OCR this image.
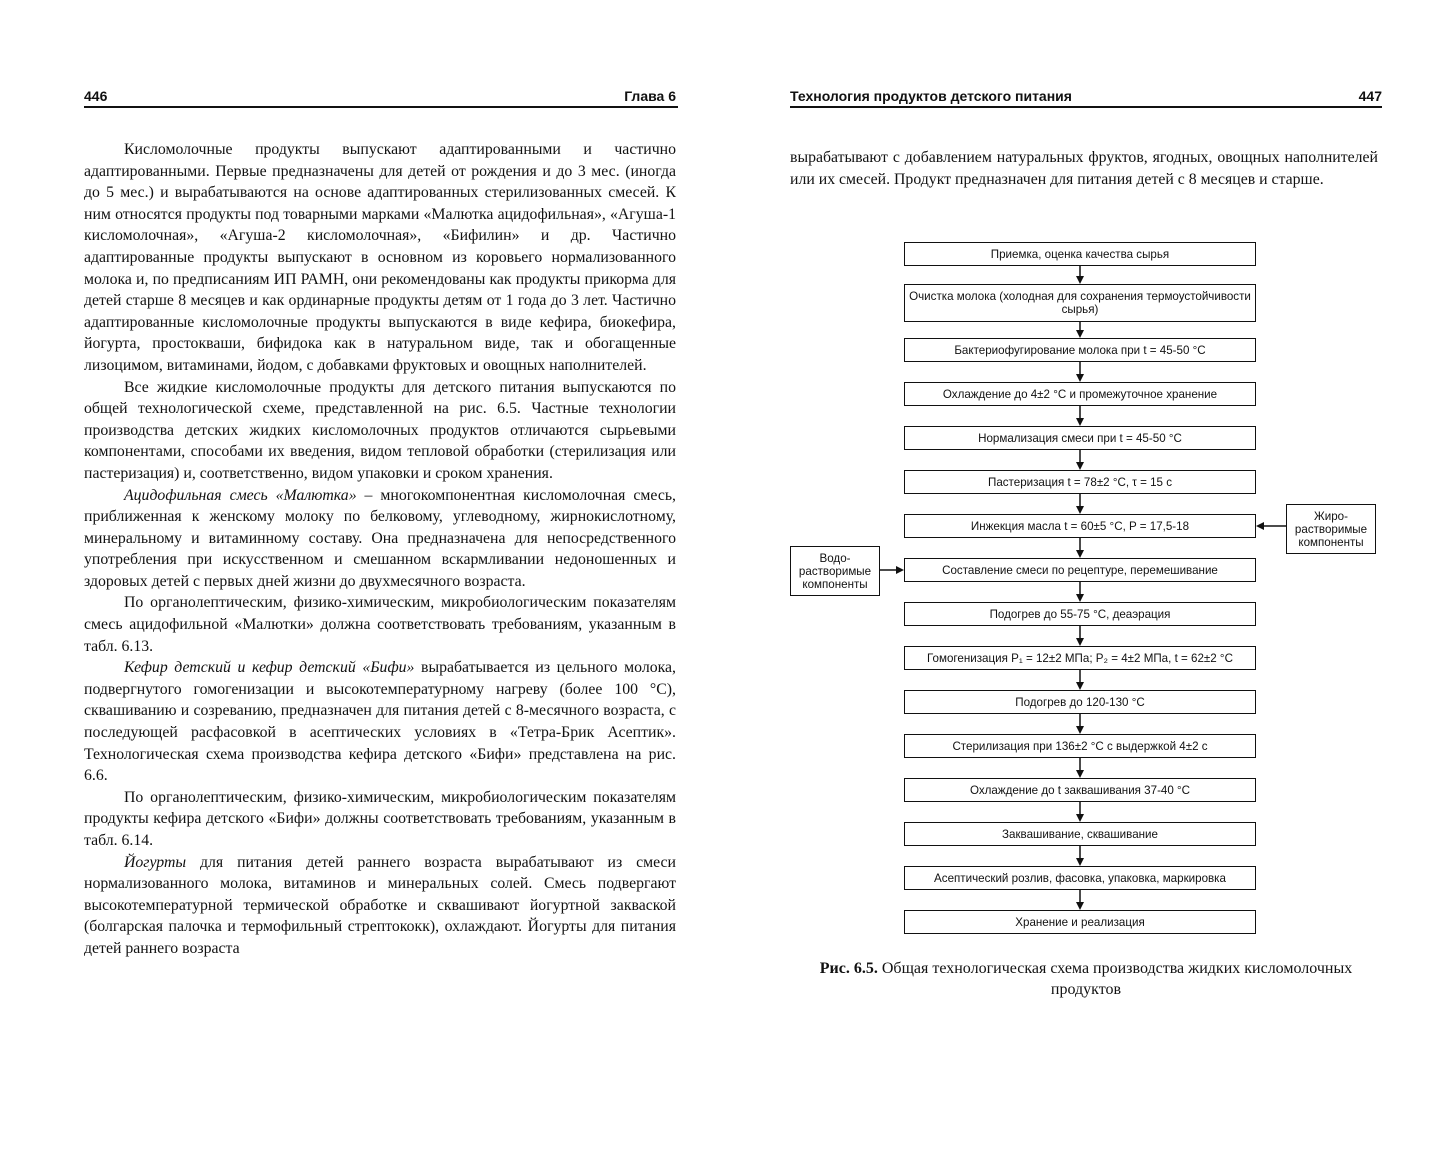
446	Глава 6

Кисломолочные продукты выпускают адаптированными и частично адаптированными. Первые предназначены для детей от рождения и до 3 мес. (иногда до 5 мес.) и вырабатываются на основе адаптированных стерилизованных смесей. К ним относятся продукты под товарными марками «Малютка ацидофильная», «Агуша-1 кисломолочная», «Агуша-2 кисломолочная», «Бифилин» и др. Частично адаптированные продукты выпускают в основном из коровьего нормализованного молока и, по предписаниям ИП РАМН, они рекомендованы как продукты прикорма для детей старше 8 месяцев и как ординарные продукты детям от 1 года до 3 лет. Частично адаптированные кисломолочные продукты выпускаются в виде кефира, биокефира, йогурта, простокваши, бифидока как в натуральном виде, так и обогащенные лизоцимом, витаминами, йодом, с добавками фруктовых и овощных наполнителей.

Все жидкие кисломолочные продукты для детского питания выпускаются по общей технологической схеме, представленной на рис. 6.5. Частные технологии производства детских жидких кисломолочных продуктов отличаются сырьевыми компонентами, способами их введения, видом тепловой обработки (стерилизация или пастеризация) и, соответственно, видом упаковки и сроком хранения.

Ацидофильная смесь «Малютка» – многокомпонентная кисломолочная смесь, приближенная к женскому молоку по белковому, углеводному, жирнокислотному, минеральному и витаминному составу. Она предназначена для непосредственного употребления при искусственном и смешанном вскармливании недоношенных и здоровых детей с первых дней жизни до двухмесячного возраста.

По органолептическим, физико-химическим, микробиологическим показателям смесь ацидофильной «Малютки» должна соответствовать требованиям, указанным в табл. 6.13.

Кефир детский и кефир детский «Бифи» вырабатывается из цельного молока, подвергнутого гомогенизации и высокотемпературному нагреву (более 100 °С), сквашиванию и созреванию, предназначен для питания детей с 8-месячного возраста, с последующей расфасовкой в асептических условиях в «Тетра-Брик Асептик». Технологическая схема производства кефира детского «Бифи» представлена на рис. 6.6.

По органолептическим, физико-химическим, микробиологическим показателям продукты кефира детского «Бифи» должны соответствовать требованиям, указанным в табл. 6.14.

Йогурты для питания детей раннего возраста вырабатывают из смеси нормализованного молока, витаминов и минеральных солей. Смесь подвергают высокотемпературной термической обработке и сквашивают йогуртной закваской (болгарская палочка и термофильный стрептококк), охлаждают. Йогурты для питания детей раннего возраста

Технология продуктов детского питания	447

вырабатывают с добавлением натуральных фруктов, ягодных, овощных наполнителей или их смесей. Продукт предназначен для питания детей с 8 месяцев и старше.

Приемка, оценка качества сырья
Очистка молока (холодная для сохранения термоустойчивости сырья)
Бактериофугирование молока при t = 45-50 °С
Охлаждение до 4±2 °С и промежуточное хранение
Нормализация смеси при t = 45-50 °С
Пастеризация t = 78±2 °С, τ = 15 с
Инжекция масла t = 60±5 °С, P = 17,5-18
Составление смеси по рецептуре, перемешивание
Подогрев до 55-75 °С, деаэрация
Гомогенизация P₁ = 12±2 МПа; P₂ = 4±2 МПа, t = 62±2 °С
Подогрев до 120-130 °С
Стерилизация при 136±2 °С с выдержкой 4±2 с
Охлаждение до t заквашивания 37-40 °С
Заквашивание, сквашивание
Асептический розлив, фасовка, упаковка, маркировка
Хранение и реализация
Жиро-растворимые компоненты
Водо-растворимые компоненты
Рис. 6.5. Общая технологическая схема производства жидких кисломолочных продуктов
